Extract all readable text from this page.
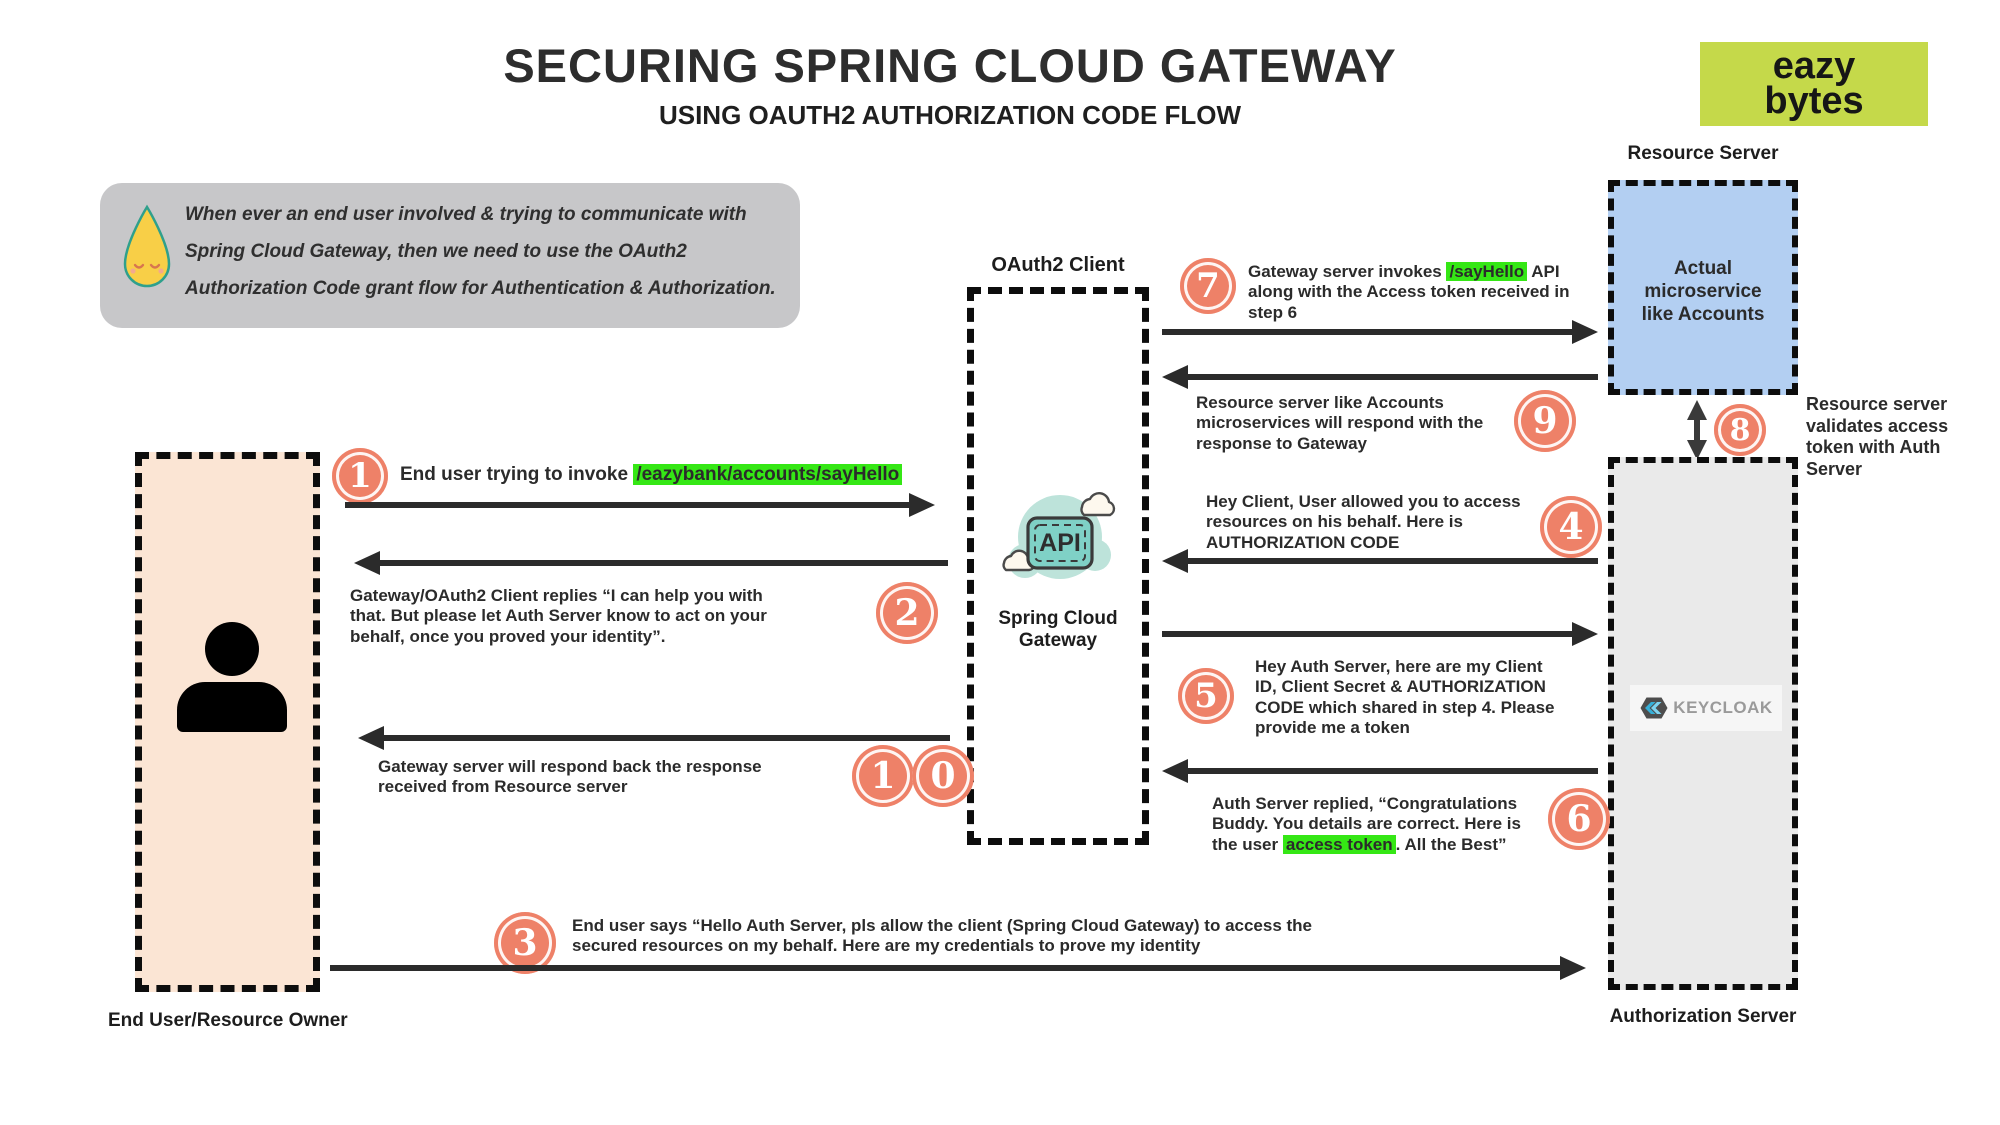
SECURING SPRING CLOUD GATEWAY
USING OAUTH2 AUTHORIZATION CODE FLOW
eazy
bytes
When ever an end user involved & trying to communicate with Spring Cloud Gateway, then we need to use the OAuth2 Authorization Code grant flow for Authentication & Authorization.
End User/Resource Owner
OAuth2 Client
API
Spring Cloud Gateway
Resource Server
Actual microservice like Accounts
8
Resource server validates access token with Auth Server
KEYCLOAK
Authorization Server
1	End user trying to invoke /eazybank/accounts/sayHello
Gateway/OAuth2 Client replies “I can help you with that. But please let Auth Server know to act on your behalf, once you proved your identity”.
2
Gateway server will respond back the response received from Resource server	1 0
3	End user says “Hello Auth Server, pls allow the client (Spring Cloud Gateway) to access the secured resources on my behalf. Here are my credentials to prove my identity
7	Gateway server invokes /sayHello API along with the Access token received in step 6
Resource server like Accounts microservices will respond with the response to Gateway
9
Hey Client, User allowed you to access resources on his behalf. Here is AUTHORIZATION CODE	4
5
Hey Auth Server, here are my Client ID, Client Secret & AUTHORIZATION CODE which shared in step 4. Please provide me a token
Auth Server replied, “Congratulations Buddy. You details are correct. Here is the user access token . All the Best”
6
